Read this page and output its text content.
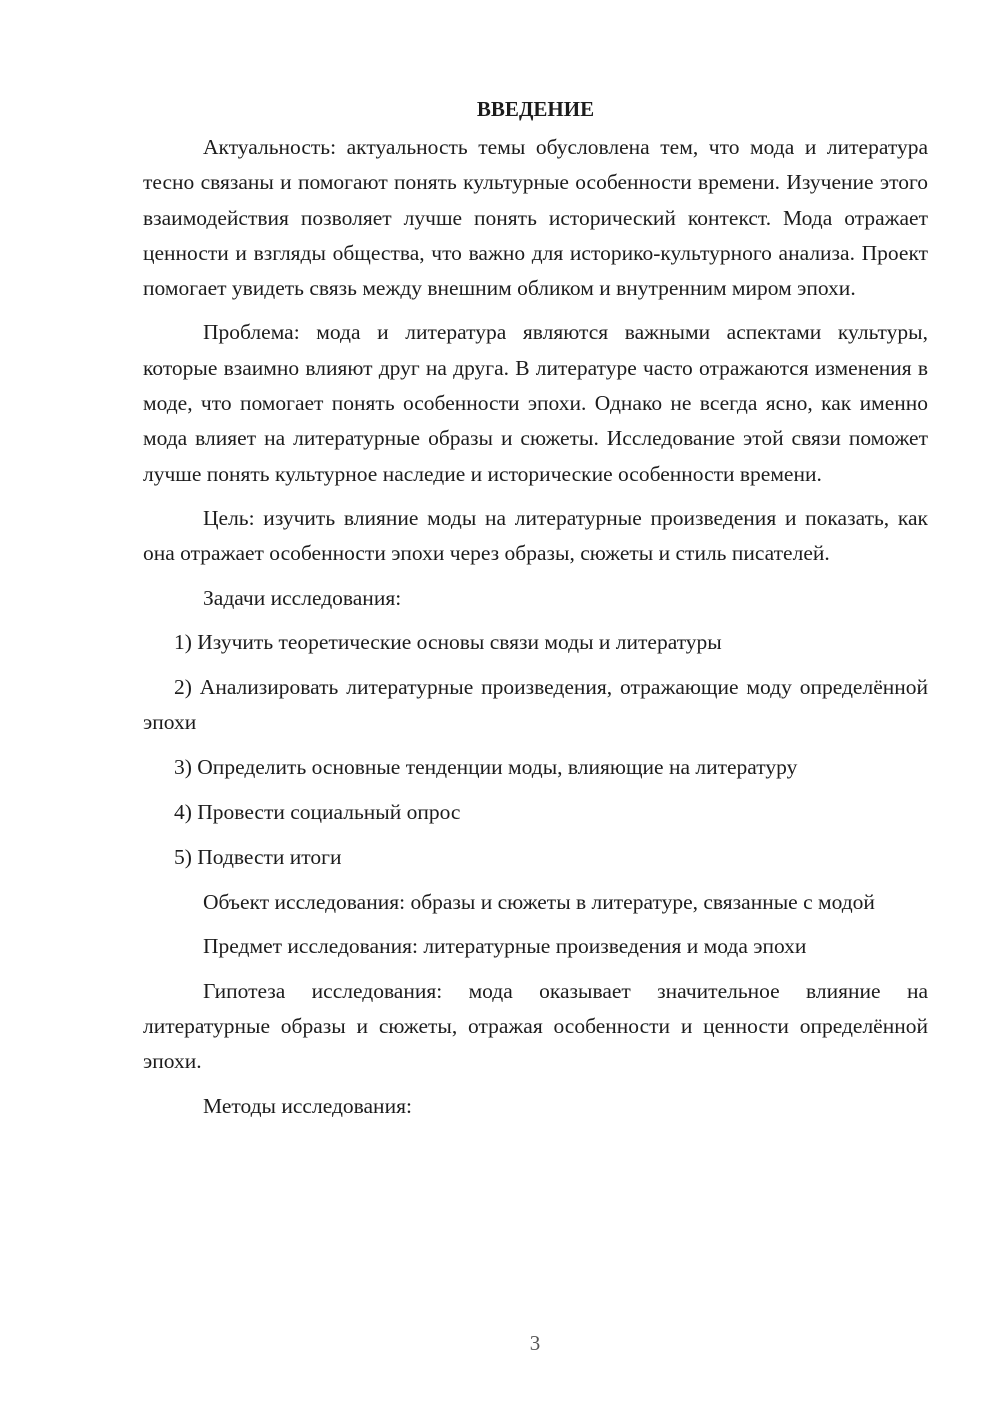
ВВЕДЕНИЕ

Актуальность: актуальность темы обусловлена тем, что мода и литература тесно связаны и помогают понять культурные особенности времени. Изучение этого взаимодействия позволяет лучше понять исторический контекст. Мода отражает ценности и взгляды общества, что важно для историко-культурного анализа. Проект помогает увидеть связь между внешним обликом и внутренним миром эпохи.

Проблема: мода и литература являются важными аспектами культуры, которые взаимно влияют друг на друга. В литературе часто отражаются изменения в моде, что помогает понять особенности эпохи. Однако не всегда ясно, как именно мода влияет на литературные образы и сюжеты. Исследование этой связи поможет лучше понять культурное наследие и исторические особенности времени.

Цель: изучить влияние моды на литературные произведения и показать, как она отражает особенности эпохи через образы, сюжеты и стиль писателей.

Задачи исследования:

1) Изучить теоретические основы связи моды и литературы

2) Анализировать литературные произведения, отражающие моду определённой эпохи

3) Определить основные тенденции моды, влияющие на литературу

4) Провести социальный опрос

5) Подвести итоги

Объект исследования: образы и сюжеты в литературе, связанные с модой

Предмет исследования: литературные произведения и мода эпохи

Гипотеза исследования: мода оказывает значительное влияние на литературные образы и сюжеты, отражая особенности и ценности определённой эпохи.

Методы исследования:

3
